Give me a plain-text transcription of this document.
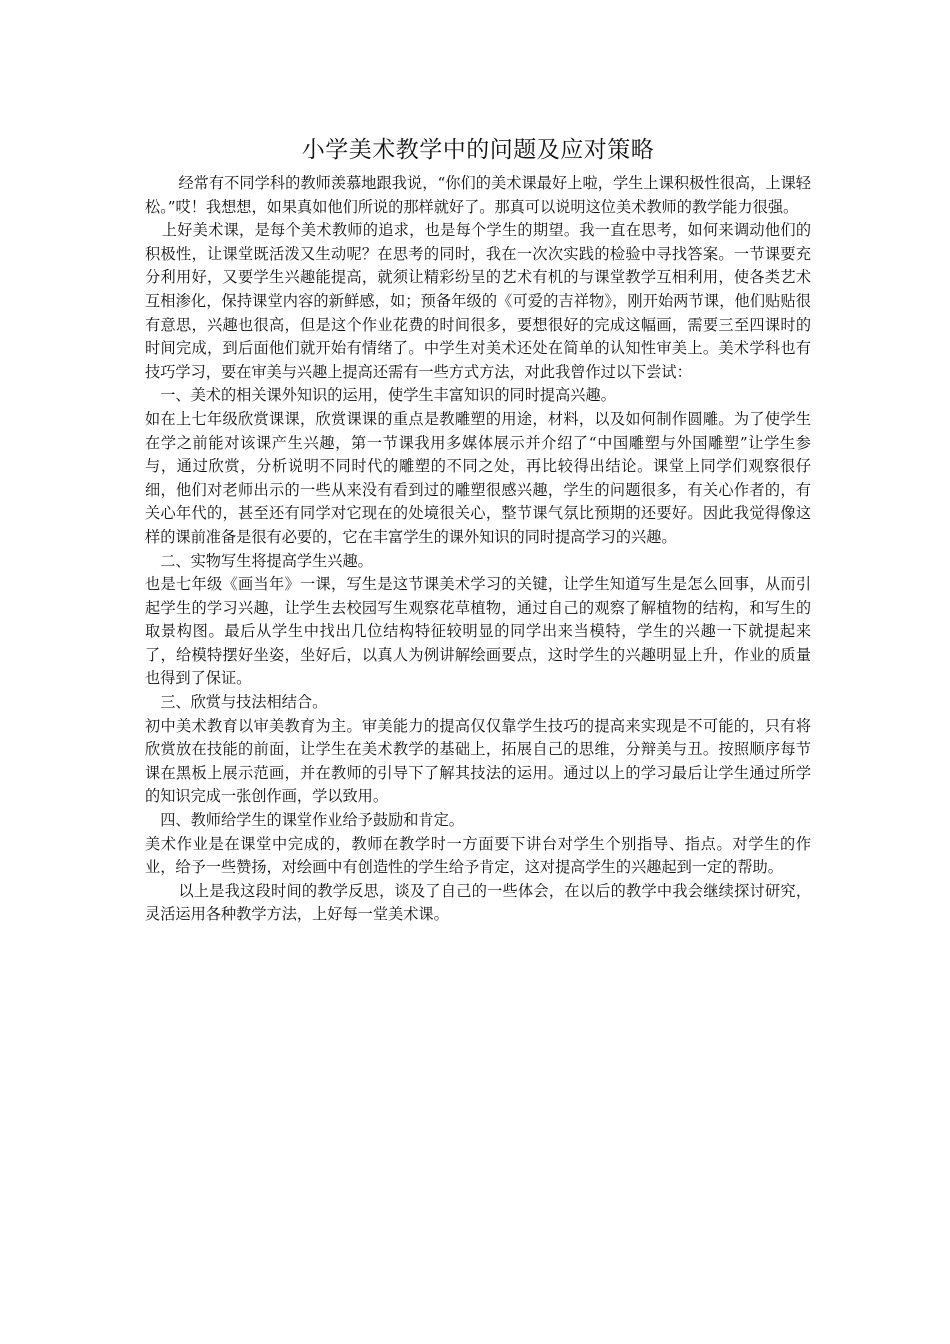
小学美术教学中的问题及应对策略

经常有不同学科的教师羡慕地跟我说，“你们的美术课最好上啦，学生上课积极性很高，上课轻松。”哎！我想想，如果真如他们所说的那样就好了。那真可以说明这位美术教师的教学能力很强。

上好美术课，是每个美术教师的追求，也是每个学生的期望。我一直在思考，如何来调动他们的积极性，让课堂既活泼又生动呢？在思考的同时，我在一次次实践的检验中寻找答案。一节课要充分利用好，又要学生兴趣能提高，就须让精彩纷呈的艺术有机的与课堂教学互相利用，使各类艺术互相渗化，保持课堂内容的新鲜感，如；预备年级的《可爱的吉祥物》，刚开始两节课，他们贴贴很有意思，兴趣也很高，但是这个作业花费的时间很多，要想很好的完成这幅画，需要三至四课时的时间完成，到后面他们就开始有情绪了。中学生对美术还处在简单的认知性审美上。美术学科也有技巧学习，要在审美与兴趣上提高还需有一些方式方法，对此我曾作过以下尝试：

一、美术的相关课外知识的运用，使学生丰富知识的同时提高兴趣。

如在上七年级欣赏课课，欣赏课课的重点是教雕塑的用途，材料，以及如何制作圆雕。为了使学生在学之前能对该课产生兴趣，第一节课我用多媒体展示并介绍了“中国雕塑与外国雕塑”让学生参与，通过欣赏，分析说明不同时代的雕塑的不同之处，再比较得出结论。课堂上同学们观察很仔细，他们对老师出示的一些从来没有看到过的雕塑很感兴趣，学生的问题很多，有关心作者的，有关心年代的，甚至还有同学对它现在的处境很关心，整节课气氛比预期的还要好。因此我觉得像这样的课前准备是很有必要的，它在丰富学生的课外知识的同时提高学习的兴趣。

二、实物写生将提高学生兴趣。

也是七年级《画当年》一课，写生是这节课美术学习的关键，让学生知道写生是怎么回事，从而引起学生的学习兴趣，让学生去校园写生观察花草植物，通过自己的观察了解植物的结构，和写生的取景构图。最后从学生中找出几位结构特征较明显的同学出来当模特，学生的兴趣一下就提起来了，给模特摆好坐姿，坐好后，以真人为例讲解绘画要点，这时学生的兴趣明显上升，作业的质量也得到了保证。

三、欣赏与技法相结合。

初中美术教育以审美教育为主。审美能力的提高仅仅靠学生技巧的提高来实现是不可能的，只有将欣赏放在技能的前面，让学生在美术教学的基础上，拓展自己的思维，分辩美与丑。按照顺序每节课在黑板上展示范画，并在教师的引导下了解其技法的运用。通过以上的学习最后让学生通过所学的知识完成一张创作画，学以致用。

四、教师给学生的课堂作业给予鼓励和肯定。

美术作业是在课堂中完成的，教师在教学时一方面要下讲台对学生个别指导、指点。对学生的作业，给予一些赞扬，对绘画中有创造性的学生给予肯定，这对提高学生的兴趣起到一定的帮助。

以上是我这段时间的教学反思，谈及了自己的一些体会，在以后的教学中我会继续探讨研究，灵活运用各种教学方法，上好每一堂美术课。
